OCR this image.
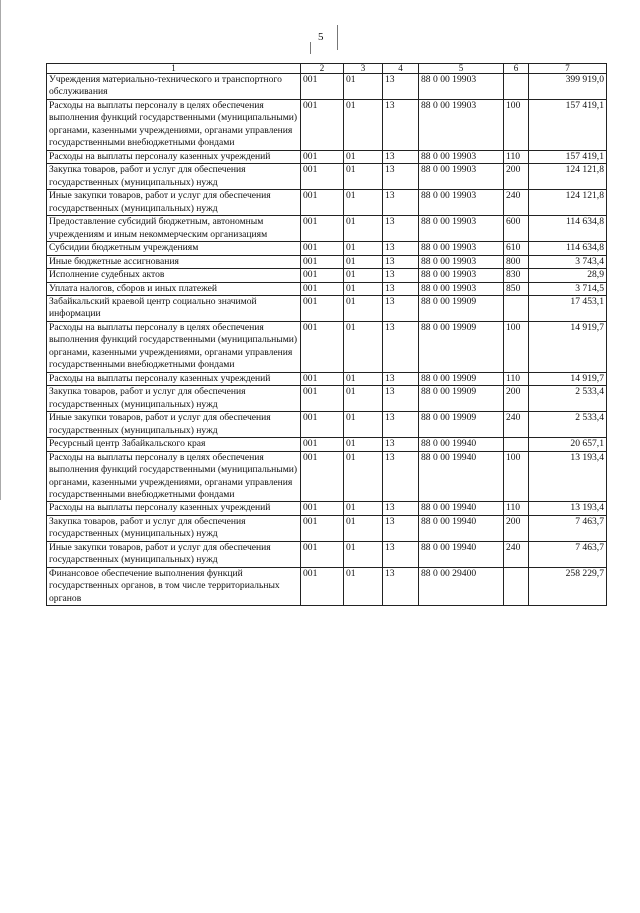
5
1	2	3	4	5	6	7
Учреждения материально-технического и транспортного обслуживания	001	01	13	88 0 00 19903		399 919,0
Расходы на выплаты персоналу в целях обеспечения выполнения функций государственными (муниципальными) органами, казенными учреждениями, органами управления государственными внебюджетными фондами	001	01	13	88 0 00 19903	100	157 419,1
Расходы на выплаты персоналу казенных учреждений	001	01	13	88 0 00 19903	110	157 419,1
Закупка товаров, работ и услуг для обеспечения государственных (муниципальных) нужд	001	01	13	88 0 00 19903	200	124 121,8
Иные закупки товаров, работ и услуг для обеспечения государственных (муниципальных) нужд	001	01	13	88 0 00 19903	240	124 121,8
Предоставление субсидий бюджетным, автономным учреждениям и иным некоммерческим организациям	001	01	13	88 0 00 19903	600	114 634,8
Субсидии бюджетным учреждениям	001	01	13	88 0 00 19903	610	114 634,8
Иные бюджетные ассигнования	001	01	13	88 0 00 19903	800	3 743,4
Исполнение судебных актов	001	01	13	88 0 00 19903	830	28,9
Уплата налогов, сборов и иных платежей	001	01	13	88 0 00 19903	850	3 714,5
Забайкальский краевой центр социально значимой информации	001	01	13	88 0 00 19909		17 453,1
Расходы на выплаты персоналу в целях обеспечения выполнения функций государственными (муниципальными) органами, казенными учреждениями, органами управления государственными внебюджетными фондами	001	01	13	88 0 00 19909	100	14 919,7
Расходы на выплаты персоналу казенных учреждений	001	01	13	88 0 00 19909	110	14 919,7
Закупка товаров, работ и услуг для обеспечения государственных (муниципальных) нужд	001	01	13	88 0 00 19909	200	2 533,4
Иные закупки товаров, работ и услуг для обеспечения государственных (муниципальных) нужд	001	01	13	88 0 00 19909	240	2 533,4
Ресурсный центр Забайкальского края	001	01	13	88 0 00 19940		20 657,1
Расходы на выплаты персоналу в целях обеспечения выполнения функций государственными (муниципальными) органами, казенными учреждениями, органами управления государственными внебюджетными фондами	001	01	13	88 0 00 19940	100	13 193,4
Расходы на выплаты персоналу казенных учреждений	001	01	13	88 0 00 19940	110	13 193,4
Закупка товаров, работ и услуг для обеспечения государственных (муниципальных) нужд	001	01	13	88 0 00 19940	200	7 463,7
Иные закупки товаров, работ и услуг для обеспечения государственных (муниципальных) нужд	001	01	13	88 0 00 19940	240	7 463,7
Финансовое обеспечение выполнения функций государственных органов, в том числе территориальных органов	001	01	13	88 0 00 29400		258 229,7
